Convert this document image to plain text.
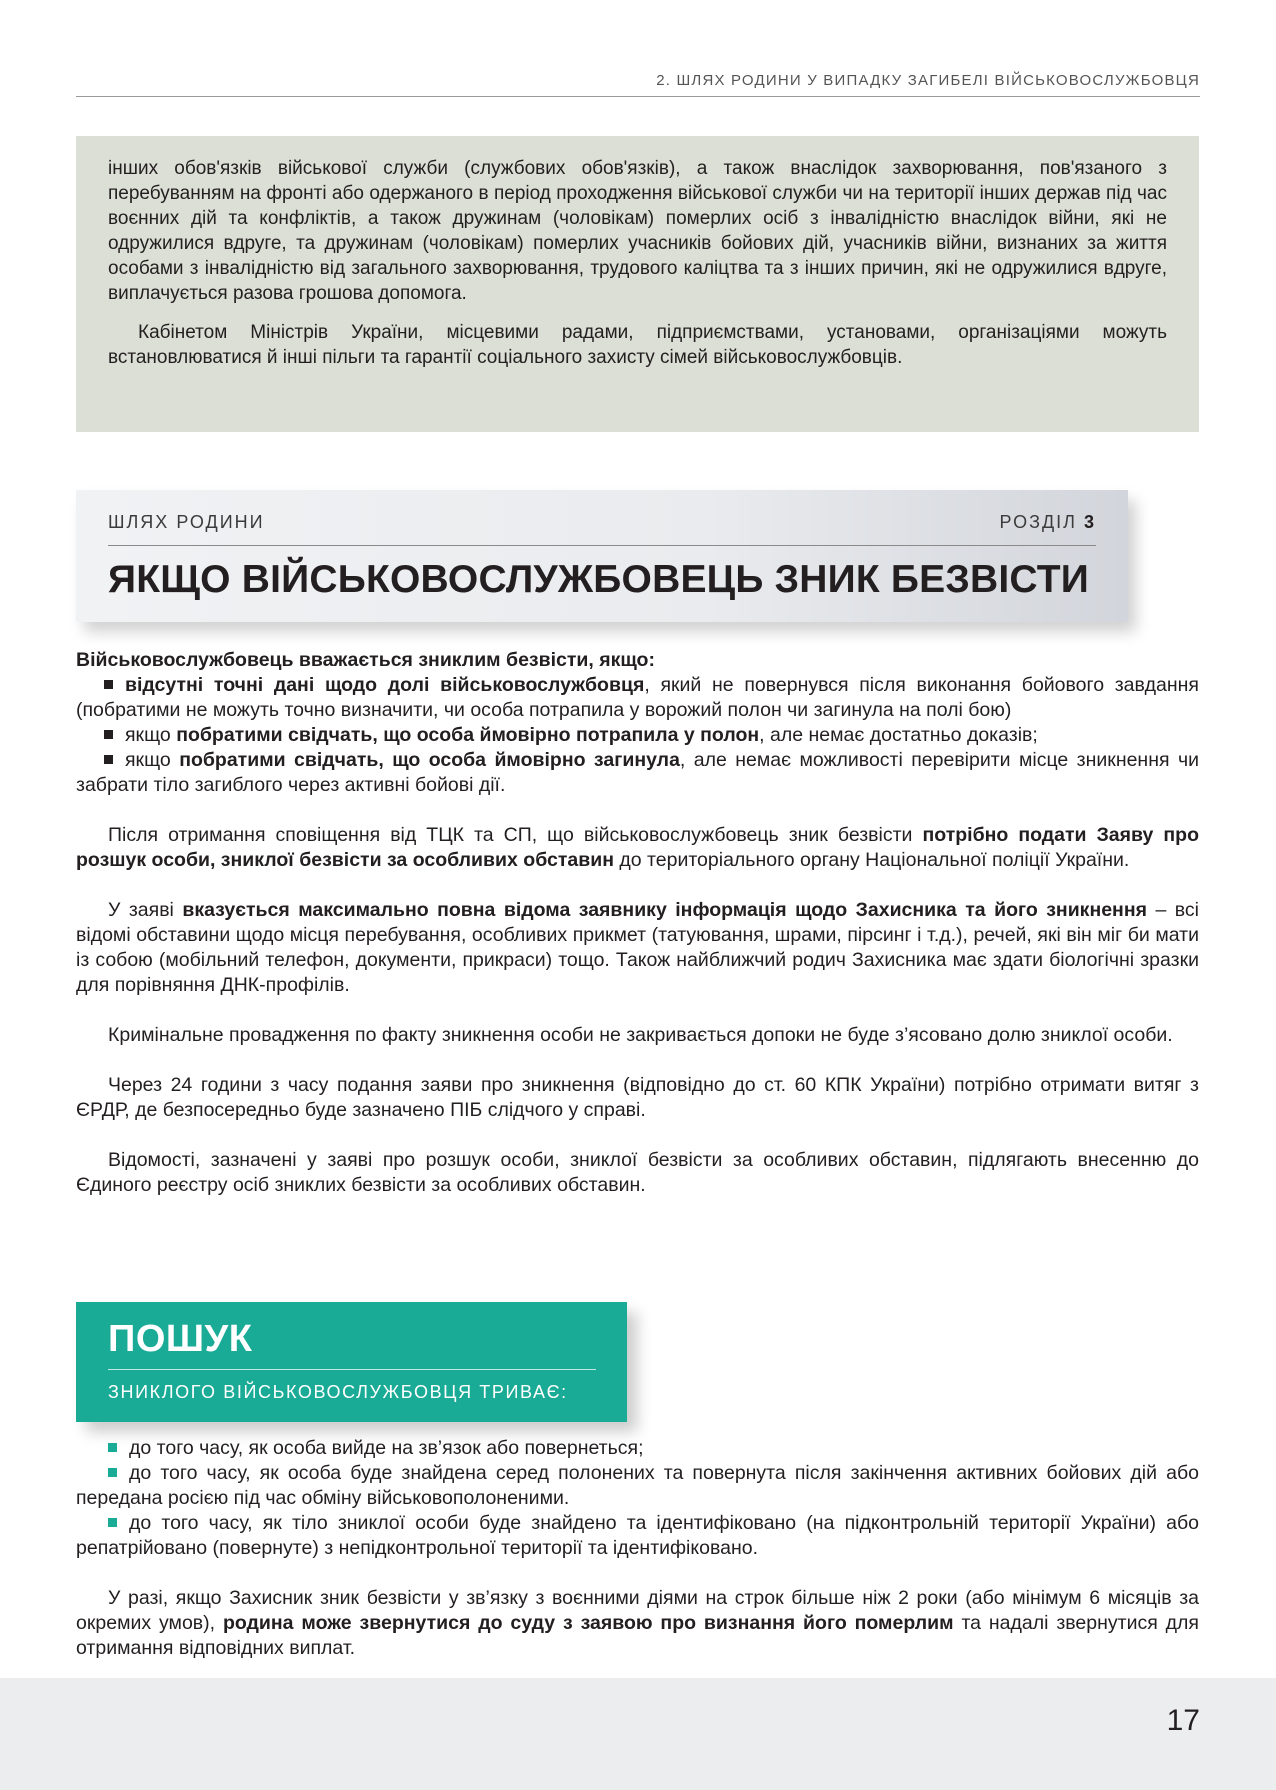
2. ШЛЯХ РОДИНИ У ВИПАДКУ ЗАГИБЕЛІ ВІЙСЬКОВОСЛУЖБОВЦЯ

інших обов'язків військової служби (службових обов'язків), а також внаслідок захворювання, пов'язаного з перебуванням на фронті або одержаного в період проходження військової служби чи на території інших держав під час воєнних дій та конфліктів, а також дружинам (чоловікам) померлих осіб з інвалідністю внаслідок війни, які не одружилися вдруге, та дружинам (чоловікам) померлих учасників бойових дій, учасників війни, визнаних за життя особами з інвалідністю від загального захворювання, трудового каліцтва та з інших причин, які не одружилися вдруге, виплачується разова грошова допомога.

Кабінетом Міністрів України, місцевими радами, підприємствами, установами, організаціями можуть встановлюватися й інші пільги та гарантії соціального захисту сімей військовослужбовців.

ШЛЯХ РОДИНИ	РОЗДІЛ 3
ЯКЩО ВІЙСЬКОВОСЛУЖБОВЕЦЬ ЗНИК БЕЗВІСТИ

Військовослужбовець вважається зниклим безвісти, якщо:

відсутні точні дані щодо долі військовослужбовця, який не повернувся після виконання бойового завдання (побратими не можуть точно визначити, чи особа потрапила у ворожий полон чи загинула на полі бою)

якщо побратими свідчать, що особа ймовірно потрапила у полон, але немає достатньо доказів;

якщо побратими свідчать, що особа ймовірно загинула, але немає можливості перевірити місце зникнення чи забрати тіло загиблого через активні бойові дії.

Після отримання сповіщення від ТЦК та СП, що військовослужбовець зник безвісти потрібно подати Заяву про розшук особи, зниклої безвісти за особливих обставин до територіального органу Національної поліції України.

У заяві вказується максимально повна відома заявнику інформація щодо Захисника та його зникнення – всі відомі обставини щодо місця перебування, особливих прикмет (татуювання, шрами, пірсинг і т.д.), речей, які він міг би мати із собою (мобільний телефон, документи, прикраси) тощо. Також найближчий родич Захисника має здати біологічні зразки для порівняння ДНК-профілів.

Кримінальне провадження по факту зникнення особи не закривається допоки не буде з’ясовано долю зниклої особи.

Через 24 години з часу подання заяви про зникнення (відповідно до ст. 60 КПК України) потрібно отримати витяг з ЄРДР, де безпосередньо буде зазначено ПІБ слідчого у справі.

Відомості, зазначені у заяві про розшук особи, зниклої безвісти за особливих обставин, підлягають внесенню до Єдиного реєстру осіб зниклих безвісти за особливих обставин.

ПОШУК
ЗНИКЛОГО ВІЙСЬКОВОСЛУЖБОВЦЯ ТРИВАЄ:

до того часу, як особа вийде на зв’язок або повернеться;

до того часу, як особа буде знайдена серед полонених та повернута після закінчення активних бойових дій або передана росією під час обміну військовополоненими.

до того часу, як тіло зниклої особи буде знайдено та ідентифіковано (на підконтрольній території України) або репатрійовано (повернуте) з непідконтрольної території та ідентифіковано.

У разі, якщо Захисник зник безвісти у зв’язку з воєнними діями на строк більше ніж 2 роки (або мінімум 6 місяців за окремих умов), родина може звернутися до суду з заявою про визнання його померлим та надалі звернутися для отримання відповідних виплат.

17
